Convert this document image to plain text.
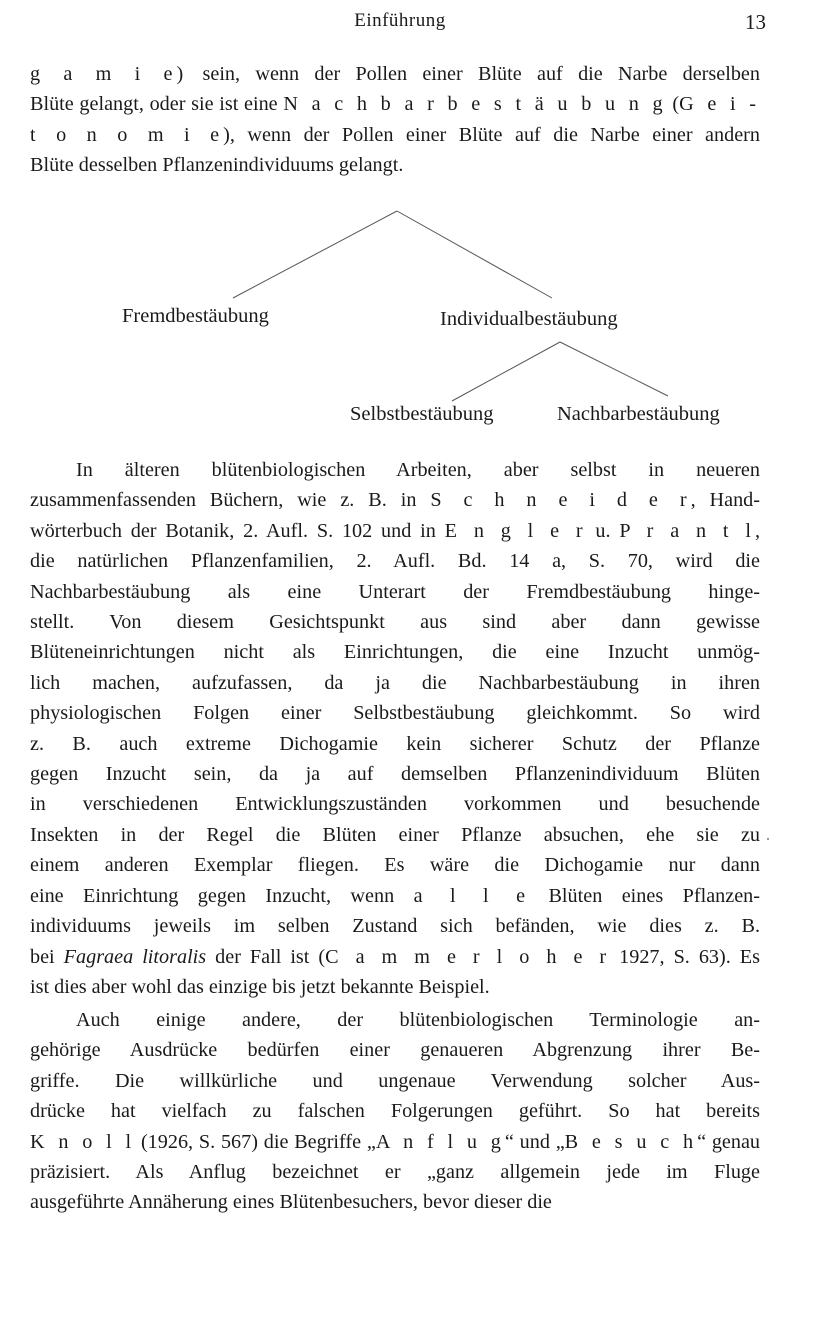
Einführung	13
g a m i e) sein, wenn der Pollen einer Blüte auf die Narbe derselben
Blüte gelangt, oder sie ist eine N a c h b a r b e s t ä u b u n g (G e i -
t o n o m i e), wenn der Pollen einer Blüte auf die Narbe einer andern
Blüte desselben Pflanzenindividuums gelangt.
Fremdbestäubung	Individualbestäubung
Selbstbestäubung	Nachbarbestäubung
In älteren blütenbiologischen Arbeiten, aber selbst in neueren
zusammenfassenden Büchern, wie z. B. in S c h n e i d e r, Hand-
wörterbuch der Botanik, 2. Aufl. S. 102 und in E n g l e r u. P r a n t l,
die natürlichen Pflanzenfamilien, 2. Aufl. Bd. 14 a, S. 70, wird die
Nachbarbestäubung als eine Unterart der Fremdbestäubung hinge-
stellt. Von diesem Gesichtspunkt aus sind aber dann gewisse
Blüteneinrichtungen nicht als Einrichtungen, die eine Inzucht unmög-
lich machen, aufzufassen, da ja die Nachbarbestäubung in ihren
physiologischen Folgen einer Selbstbestäubung gleichkommt. So wird
z. B. auch extreme Dichogamie kein sicherer Schutz der Pflanze
gegen Inzucht sein, da ja auf demselben Pflanzenindividuum Blüten
in verschiedenen Entwicklungszuständen vorkommen und besuchende
Insekten in der Regel die Blüten einer Pflanze absuchen, ehe sie zu
einem anderen Exemplar fliegen. Es wäre die Dichogamie nur dann
eine Einrichtung gegen Inzucht, wenn a l l e Blüten eines Pflanzen-
individuums jeweils im selben Zustand sich befänden, wie dies z. B.
bei Fagraea litoralis der Fall ist (C a m m e r l o h e r 1927, S. 63). Es
ist dies aber wohl das einzige bis jetzt bekannte Beispiel.
Auch einige andere, der blütenbiologischen Terminologie an-
gehörige Ausdrücke bedürfen einer genaueren Abgrenzung ihrer Be-
griffe. Die willkürliche und ungenaue Verwendung solcher Aus-
drücke hat vielfach zu falschen Folgerungen geführt. So hat bereits
K n o l l (1926, S. 567) die Begriffe „A n f l u g“ und „B e s u c h“ genau
präzisiert. Als Anflug bezeichnet er „ganz allgemein jede im Fluge
ausgeführte Annäherung eines Blütenbesuchers, bevor dieser die
